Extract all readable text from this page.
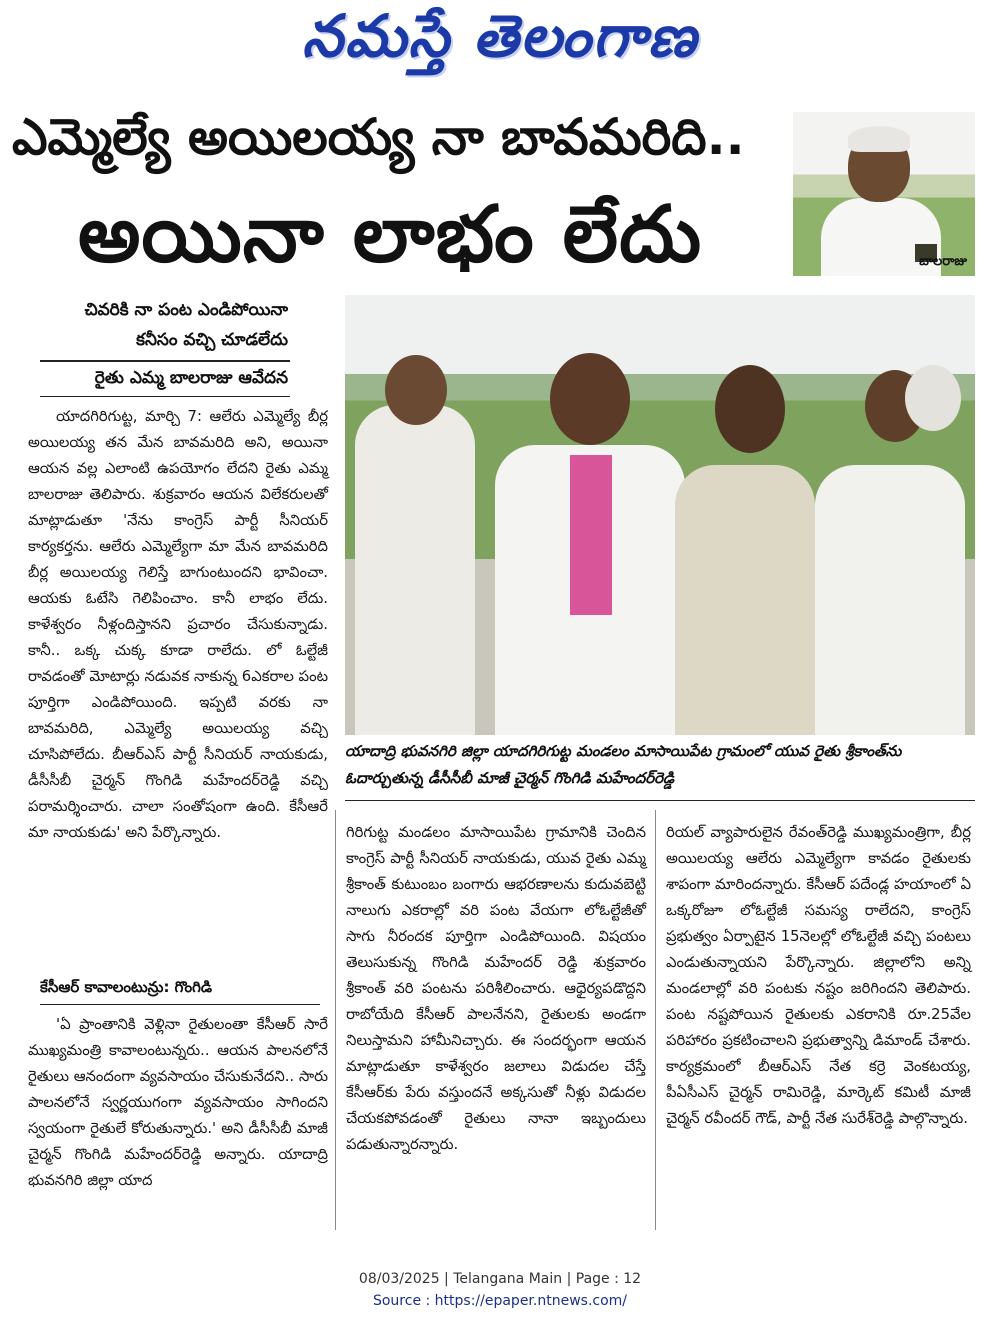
నమస్తే తెలంగాణ
ఎమ్మెల్యే అయిలయ్య నా బావమరిది..
అయినా లాభం లేదు	బాలరాజు
చివరికి నా పంట ఎండిపోయినా
కనీసం వచ్చి చూడలేదు
రైతు ఎమ్మ బాలరాజు ఆవేదన

యాదగిరిగుట్ట, మార్చి 7: ఆలేరు ఎమ్మెల్యే బీర్ల అయిలయ్య తన మేన బావమరిది అని, అయినా ఆయన వల్ల ఎలాంటి ఉపయోగం లేదని రైతు ఎమ్మ బాలరాజు తెలిపారు. శుక్రవారం ఆయన విలేకరులతో మాట్లాడుతూ 'నేను కాంగ్రెస్ పార్టీ సీనియర్ కార్యకర్తను. ఆలేరు ఎమ్మెల్యేగా మా మేన బావమరిది బీర్ల అయిలయ్య గెలిస్తే బాగుంటుందని భావించా. ఆయకు ఓటేసి గెలిపించాం. కానీ లాభం లేదు. కాళేశ్వరం నీళ్లందిస్తానని ప్రచారం చేసుకున్నాడు. కానీ.. ఒక్క చుక్క కూడా రాలేదు. లో ఓల్టేజీ రావడంతో మోటార్లు నడువక నాకున్న 6ఎకరాల పంట పూర్తిగా ఎండిపోయింది. ఇప్పటి వరకు నా బావమరిది, ఎమ్మెల్యే అయిలయ్య వచ్చి చూసిపోలేదు. బీఆర్ఎస్ పార్టీ సీనియర్ నాయకుడు, డీసీసీబీ చైర్మన్ గొంగిడి మహేందర్‌రెడ్డి వచ్చి పరామర్శించారు. చాలా సంతోషంగా ఉంది. కేసీఆరే మా నాయకుడు' అని పేర్కొన్నారు.

కేసీఆర్ కావాలంటున్రు: గొంగిడి

'ఏ ప్రాంతానికి వెళ్లినా రైతులంతా కేసీఆర్ సారే ముఖ్యమంత్రి కావాలంటున్నరు.. ఆయన పాలనలోనే రైతులు ఆనందంగా వ్యవసాయం చేసుకునేదని.. సారు పాలనలోనే స్వర్ణయుగంగా వ్యవసాయం సాగిందని స్వయంగా రైతులే కోరుతున్నారు.' అని డీసీసీబీ మాజీ చైర్మన్ గొంగిడి మహేందర్‌రెడ్డి అన్నారు. యాదాద్రి భువనగిరి జిల్లా యాద

యాదాద్రి భువనగిరి జిల్లా యాదగిరిగుట్ట మండలం మాసాయిపేట గ్రామంలో యువ రైతు శ్రీకాంత్‌ను ఓదార్చుతున్న డీసీసీబీ మాజీ చైర్మన్ గొంగిడి మహేందర్‌రెడ్డి

గిరిగుట్ట మండలం మాసాయిపేట గ్రామానికి చెందిన కాంగ్రెస్ పార్టీ సీనియర్ నాయకుడు, యువ రైతు ఎమ్మ శ్రీకాంత్ కుటుంబం బంగారు ఆభరణాలను కుదువబెట్టి నాలుగు ఎకరాల్లో వరి పంట వేయగా లోఓల్టేజీతో సాగు నీరందక పూర్తిగా ఎండిపోయింది. విషయం తెలుసుకున్న గొంగిడి మహేందర్ రెడ్డి శుక్రవారం శ్రీకాంత్ వరి పంటను పరిశీలించారు. ఆధైర్యపడొద్దని రాబోయేది కేసీఆర్ పాలనేనని, రైతులకు అండగా నిలుస్తామని హామీనిచ్చారు. ఈ సందర్భంగా ఆయన మాట్లాడుతూ కాళేశ్వరం జలాలు విడుదల చేస్తే కేసీఆర్‌కు పేరు వస్తుందనే అక్కసుతో నీళ్లు విడుదల చేయకపోవడంతో రైతులు నానా ఇబ్బందులు పడుతున్నారన్నారు.

రియల్ వ్యాపారులైన రేవంత్‌రెడ్డి ముఖ్యమంత్రిగా, బీర్ల అయిలయ్య ఆలేరు ఎమ్మెల్యేగా కావడం రైతులకు శాపంగా మారిందన్నారు. కేసీఆర్ పదేండ్ల హయాంలో ఏ ఒక్కరోజూ లోఓల్టేజీ సమస్య రాలేదని, కాంగ్రెస్ ప్రభుత్వం ఏర్పాటైన 15నెలల్లో లోఓల్టేజీ వచ్చి పంటలు ఎండుతున్నాయని పేర్కొన్నారు. జిల్లాలోని అన్ని మండలాల్లో వరి పంటకు నష్టం జరిగిందని తెలిపారు. పంట నష్టపోయిన రైతులకు ఎకరానికి రూ.25వేల పరిహారం ప్రకటించాలని ప్రభుత్వాన్ని డిమాండ్ చేశారు. కార్యక్రమంలో బీఆర్ఎస్ నేత కర్రె వెంకటయ్య, పీఏసీఎస్ చైర్మన్ రామిరెడ్డి, మార్కెట్ కమిటీ మాజీ చైర్మన్ రవీందర్ గౌడ్, పార్టీ నేత సురేశ్‌రెడ్డి పాల్గొన్నారు.

08/03/2025 | Telangana Main | Page : 12
Source : https://epaper.ntnews.com/
